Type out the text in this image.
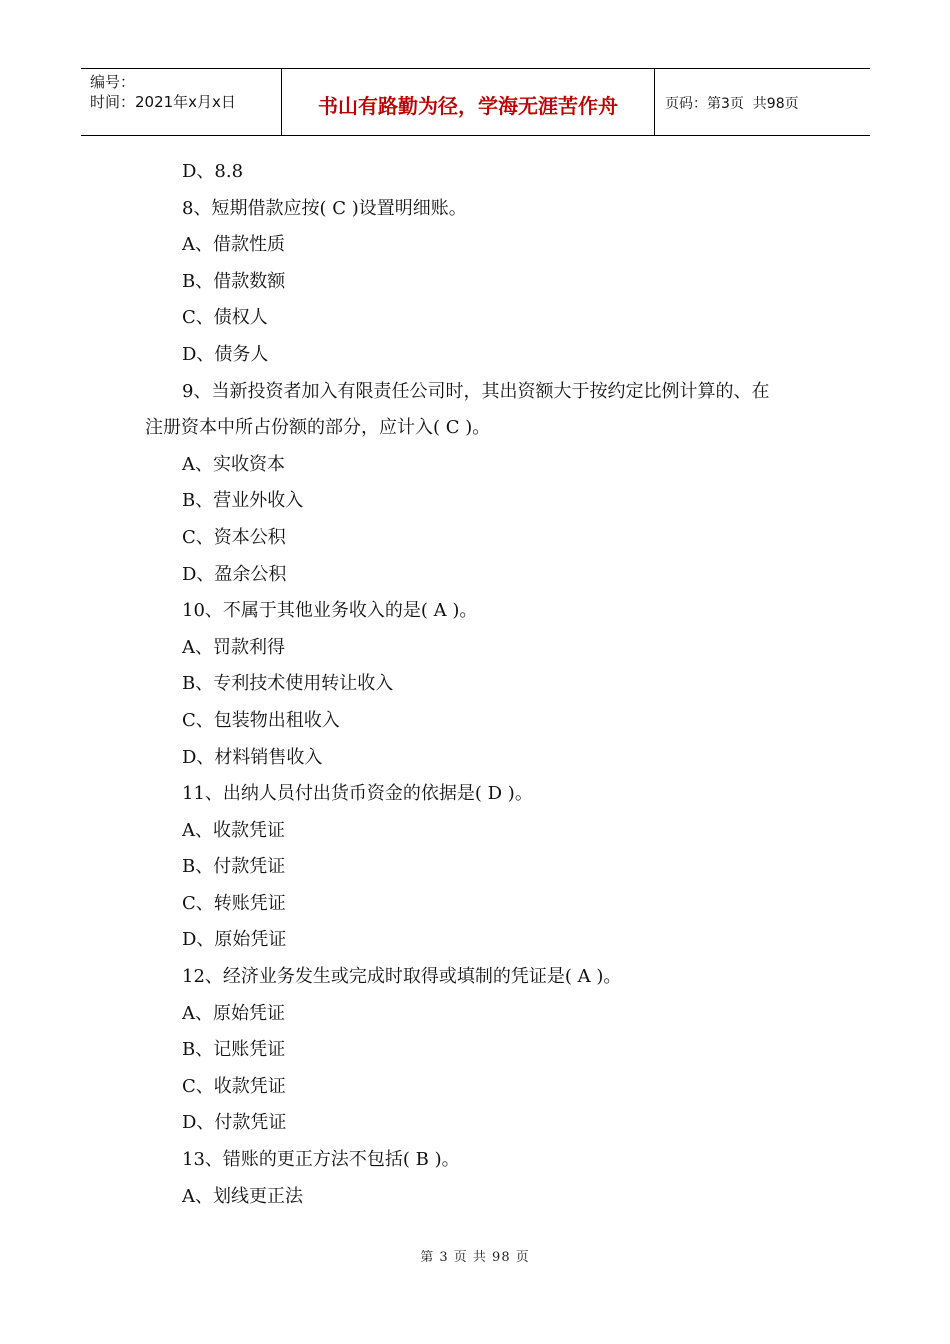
编号：
时间：2021年x月x日	书山有路勤为径，学海无涯苦作舟	页码：第3页  共98页
D、8.8
8、短期借款应按( C )设置明细账。
A、借款性质
B、借款数额
C、债权人
D、债务人
9、当新投资者加入有限责任公司时，其出资额大于按约定比例计算的、在
注册资本中所占份额的部分，应计入( C )。
A、实收资本
B、营业外收入
C、资本公积
D、盈余公积
10、不属于其他业务收入的是( A )。
A、罚款利得
B、专利技术使用转让收入
C、包装物出租收入
D、材料销售收入
11、出纳人员付出货币资金的依据是( D )。
A、收款凭证
B、付款凭证
C、转账凭证
D、原始凭证
12、经济业务发生或完成时取得或填制的凭证是( A )。
A、原始凭证
B、记账凭证
C、收款凭证
D、付款凭证
13、错账的更正方法不包括( B )。
A、划线更正法
第 3 页 共 98 页
